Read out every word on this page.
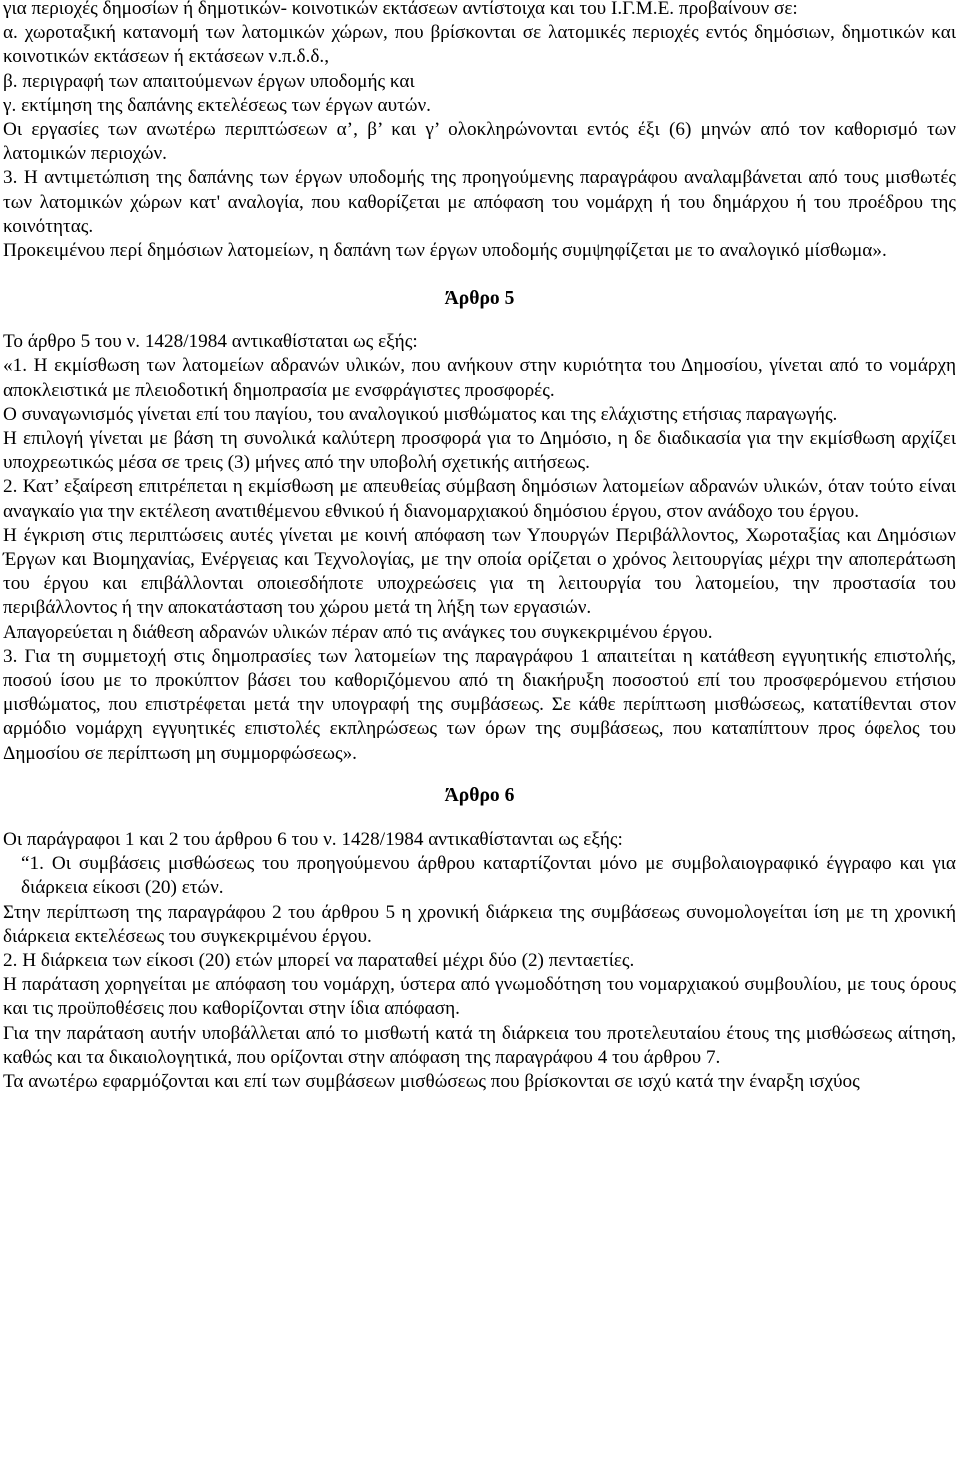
για περιοχές δημοσίων ή δημοτικών- κοινοτικών εκτάσεων αντίστοιχα και του Ι.Γ.Μ.Ε. προβαίνουν σε:

α. χωροταξική κατανομή των λατομικών χώρων, που βρίσκονται σε λατομικές περιοχές εντός δημόσιων, δημοτικών και κοινοτικών εκτάσεων ή εκτάσεων ν.π.δ.δ.,

β. περιγραφή των απαιτούμενων έργων υποδομής και

γ. εκτίμηση της δαπάνης εκτελέσεως των έργων αυτών.

Οι εργασίες των ανωτέρω περιπτώσεων α’, β’ και γ’ ολοκληρώνονται εντός έξι (6) μηνών από τον καθορισμό των λατομικών περιοχών.

3. Η αντιμετώπιση της δαπάνης των έργων υποδομής της προηγούμενης παραγράφου αναλαμβάνεται από τους μισθωτές των λατομικών χώρων κατ' αναλογία, που καθορίζεται με απόφαση του νομάρχη ή του δημάρχου ή του προέδρου της κοινότητας.

Προκειμένου περί δημόσιων λατομείων, η δαπάνη των έργων υποδομής συμψηφίζεται με το αναλογικό μίσθωμα».

Άρθρο 5

Το άρθρο 5 του ν. 1428/1984 αντικαθίσταται ως εξής:

«1. Η εκμίσθωση των λατομείων αδρανών υλικών, που ανήκουν στην κυριότητα του Δημοσίου, γίνεται από το νομάρχη αποκλειστικά με πλειοδοτική δημοπρασία με ενσφράγιστες προσφορές.

Ο συναγωνισμός γίνεται επί του παγίου, του αναλογικού μισθώματος και της ελάχιστης ετήσιας παραγωγής.

Η επιλογή γίνεται με βάση τη συνολικά καλύτερη προσφορά για το Δημόσιο, η δε διαδικασία για την εκμίσθωση αρχίζει υποχρεωτικώς μέσα σε τρεις (3) μήνες από την υποβολή σχετικής αιτήσεως.

2. Κατ’ εξαίρεση επιτρέπεται η εκμίσθωση με απευθείας σύμβαση δημόσιων λατομείων αδρανών υλικών, όταν τούτο είναι αναγκαίο για την εκτέλεση ανατιθέμενου εθνικού ή διανομαρχιακού δημόσιου έργου, στον ανάδοχο του έργου.

Η έγκριση στις περιπτώσεις αυτές γίνεται με κοινή απόφαση των Υπουργών Περιβάλλοντος, Χωροταξίας και Δημόσιων Έργων και Βιομηχανίας, Ενέργειας και Τεχνολογίας, με την οποία ορίζεται ο χρόνος λειτουργίας μέχρι την αποπεράτωση του έργου και επιβάλλονται οποιεσδήποτε υποχρεώσεις για τη λειτουργία του λατομείου, την προστασία του περιβάλλοντος ή την αποκατάσταση του χώρου μετά τη λήξη των εργασιών.

Απαγορεύεται η διάθεση αδρανών υλικών πέραν από τις ανάγκες του συγκεκριμένου έργου.

3. Για τη συμμετοχή στις δημοπρασίες των λατομείων της παραγράφου 1 απαιτείται η κατάθεση εγγυητικής επιστολής, ποσού ίσου με το προκύπτον βάσει του καθοριζόμενου από τη διακήρυξη ποσοστού επί του προσφερόμενου ετήσιου μισθώματος, που επιστρέφεται μετά την υπογραφή της συμβάσεως. Σε κάθε περίπτωση μισθώσεως, κατατίθενται στον αρμόδιο νομάρχη εγγυητικές επιστολές εκπληρώσεως των όρων της συμβάσεως, που καταπίπτουν προς όφελος του Δημοσίου σε περίπτωση μη συμμορφώσεως».

Άρθρο 6

Οι παράγραφοι 1 και 2 του άρθρου 6 του ν. 1428/1984 αντικαθίστανται ως εξής:

“1. Οι συμβάσεις μισθώσεως του προηγούμενου άρθρου καταρτίζονται μόνο με συμβολαιογραφικό έγγραφο και για διάρκεια είκοσι (20) ετών.

Στην περίπτωση της παραγράφου 2 του άρθρου 5 η χρονική διάρκεια της συμβάσεως συνομολογείται ίση με τη χρονική διάρκεια εκτελέσεως του συγκεκριμένου έργου.

2. Η διάρκεια των είκοσι (20) ετών μπορεί να παραταθεί μέχρι δύο (2) πενταετίες.

Η παράταση χορηγείται με απόφαση του νομάρχη, ύστερα από γνωμοδότηση του νομαρχιακού συμβουλίου, με τους όρους και τις προϋποθέσεις που καθορίζονται στην ίδια απόφαση.

Για την παράταση αυτήν υποβάλλεται από το μισθωτή κατά τη διάρκεια του προτελευταίου έτους της μισθώσεως αίτηση, καθώς και τα δικαιολογητικά, που ορίζονται στην απόφαση της παραγράφου 4 του άρθρου 7.

Τα ανωτέρω εφαρμόζονται και επί των συμβάσεων μισθώσεως που βρίσκονται σε ισχύ κατά την έναρξη ισχύος
